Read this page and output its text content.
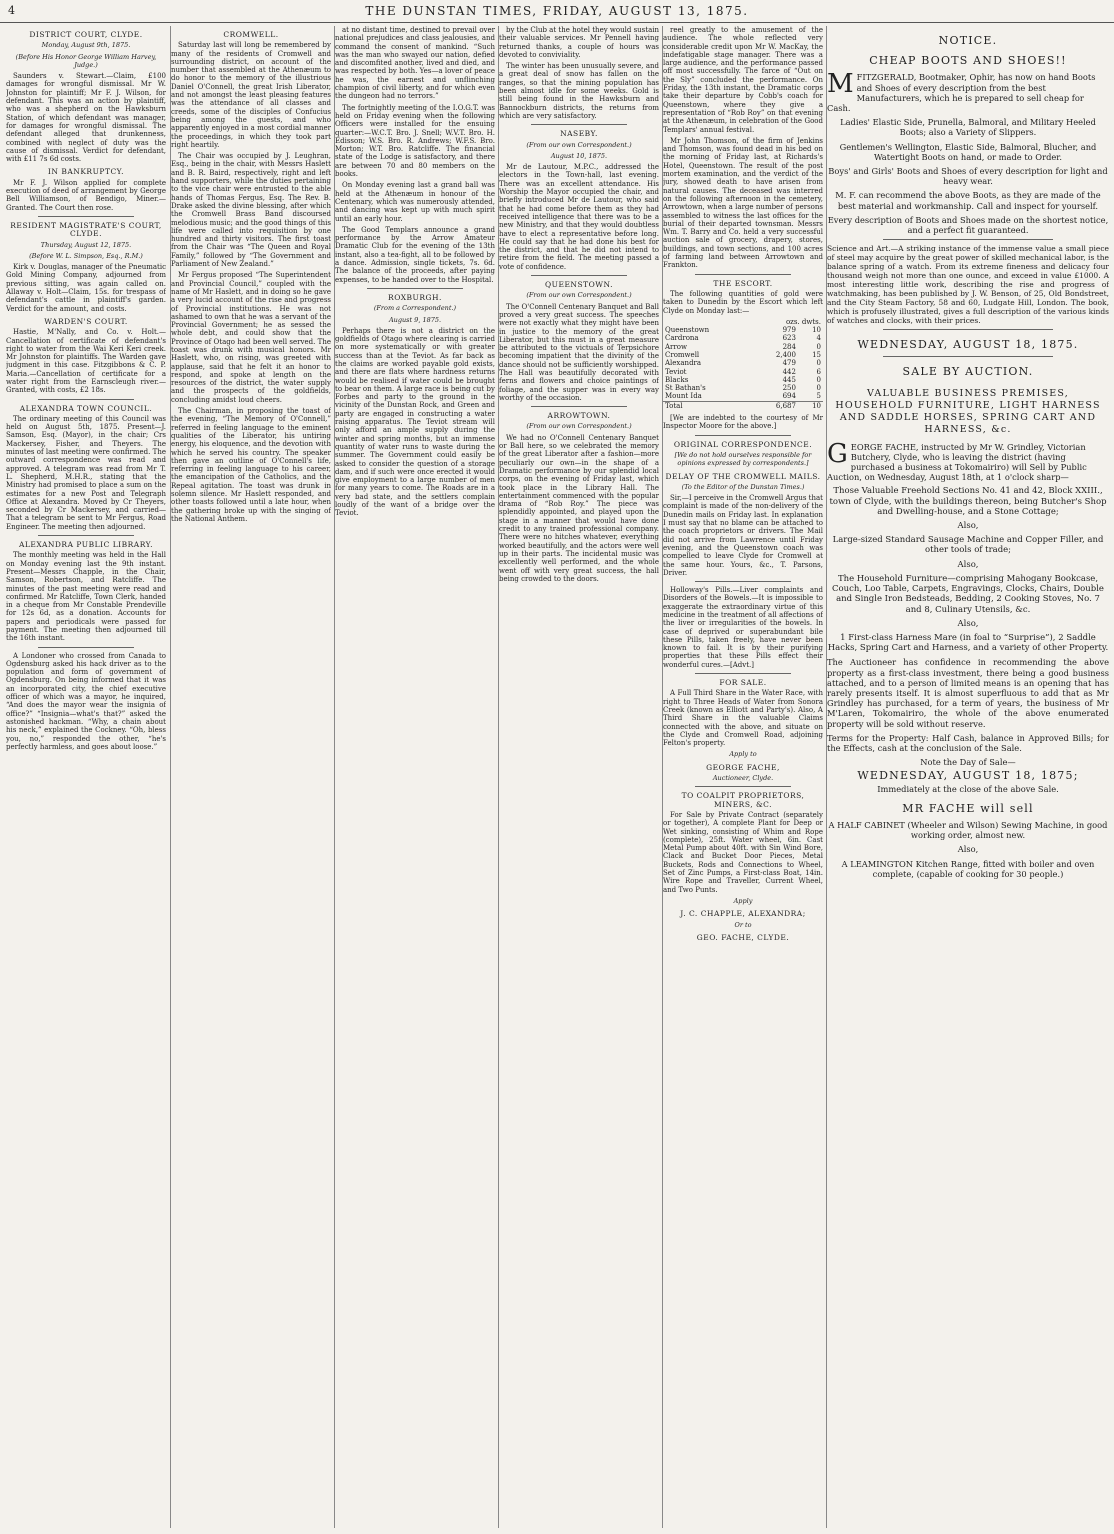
4	THE DUNSTAN TIMES, FRIDAY, AUGUST 13, 1875.
DISTRICT COURT, CLYDE.
Monday, August 9th, 1875.
(Before His Honor George William Harvey, Judge.)

Saunders v. Stewart.—Claim, £100 damages for wrongful dismissal. Mr W. Johnston for plaintiff; Mr F. J. Wilson, for defendant. This was an action by plaintiff, who was a shepherd on the Hawksburn Station, of which defendant was manager, for damages for wrongful dismissal. The defendant alleged that drunkenness, combined with neglect of duty was the cause of dismissal. Verdict for defendant, with £11 7s 6d costs.

IN BANKRUPTCY.

Mr F. J. Wilson applied for complete execution of deed of arrangement by George Bell Williamson, of Bendigo, Miner.—Granted. The Court then rose.

RESIDENT MAGISTRATE'S COURT, CLYDE.
Thursday, August 12, 1875.
(Before W. L. Simpson, Esq., R.M.)

Kirk v. Douglas, manager of the Pneumatic Gold Mining Company, adjourned from previous sitting, was again called on. Allaway v. Holt—Claim, 15s. for trespass of defendant's cattle in plaintiff's garden. Verdict for the amount, and costs.

WARDEN'S COURT.

Hastie, M'Nally, and Co. v. Holt.—Cancellation of certificate of defendant's right to water from the Wai Keri Keri creek. Mr Johnston for plaintiffs. The Warden gave judgment in this case. Fitzgibbons & C. P. Maria.—Cancellation of certificate for a water right from the Earnscleugh river.—Granted, with costs, £2 18s.

ALEXANDRA TOWN COUNCIL.

The ordinary meeting of this Council was held on August 5th, 1875. Present—J. Samson, Esq. (Mayor), in the chair; Crs Mackersey, Fisher, and Theyers. The minutes of last meeting were confirmed. The outward correspondence was read and approved. A telegram was read from Mr T. L. Shepherd, M.H.R., stating that the Ministry had promised to place a sum on the estimates for a new Post and Telegraph Office at Alexandra. Moved by Cr Theyers, seconded by Cr Mackersey, and carried—That a telegram be sent to Mr Fergus, Road Engineer. The meeting then adjourned.

ALEXANDRA PUBLIC LIBRARY.

The monthly meeting was held in the Hall on Monday evening last the 9th instant. Present—Messrs Chapple, in the Chair, Samson, Robertson, and Ratcliffe. The minutes of the past meeting were read and confirmed. Mr Ratcliffe, Town Clerk, handed in a cheque from Mr Constable Prendeville for 12s 6d, as a donation. Accounts for papers and periodicals were passed for payment. The meeting then adjourned till the 16th instant.

A Londoner who crossed from Canada to Ogdensburg asked his hack driver as to the population and form of government of Ogdensburg. On being informed that it was an incorporated city, the chief executive officer of which was a mayor, he inquired, “And does the mayor wear the insignia of office?” “Insignia—what's that?” asked the astonished hackman. “Why, a chain about his neck,” explained the Cockney. “Oh, bless you, no,” responded the other, “he's perfectly harmless, and goes about loose.”

CROMWELL.

Saturday last will long be remembered by many of the residents of Cromwell and surrounding district, on account of the number that assembled at the Athenæum to do honor to the memory of the illustrious Daniel O'Connell, the great Irish Liberator, and not amongst the least pleasing features was the attendance of all classes and creeds, some of the disciples of Confucius being among the guests, and who apparently enjoyed in a most cordial manner the proceedings, in which they took part right heartily.

The Chair was occupied by J. Leughran, Esq., being in the chair, with Messrs Haslett and B. R. Baird, respectively, right and left hand supporters, while the duties pertaining to the vice chair were entrusted to the able hands of Thomas Fergus, Esq. The Rev. B. Drake asked the divine blessing, after which the Cromwell Brass Band discoursed melodious music; and the good things of this life were called into requisition by one hundred and thirty visitors. The first toast from the Chair was “The Queen and Royal Family,” followed by “The Government and Parliament of New Zealand.”

Mr Fergus proposed “The Superintendent and Provincial Council,” coupled with the name of Mr Haslett, and in doing so he gave a very lucid account of the rise and progress of Provincial institutions. He was not ashamed to own that he was a servant of the Provincial Government; he as sessed the whole debt, and could show that the Province of Otago had been well served. The toast was drunk with musical honors. Mr Haslett, who, on rising, was greeted with applause, said that he felt it an honor to respond, and spoke at length on the resources of the district, the water supply and the prospects of the goldfields, concluding amidst loud cheers.

The Chairman, in proposing the toast of the evening, “The Memory of O'Connell,” referred in feeling language to the eminent qualities of the Liberator, his untiring energy, his eloquence, and the devotion with which he served his country. The speaker then gave an outline of O'Connell's life, referring in feeling language to his career, the emancipation of the Catholics, and the Repeal agitation. The toast was drunk in solemn silence. Mr Haslett responded, and other toasts followed until a late hour, when the gathering broke up with the singing of the National Anthem.

at no distant time, destined to prevail over national prejudices and class jealousies, and command the consent of mankind. “Such was the man who swayed our nation, defied and discomfited another, lived and died, and was respected by both. Yes—a lover of peace he was, the earnest and unflinching champion of civil liberty, and for which even the dungeon had no terrors.”

The fortnightly meeting of the I.O.G.T. was held on Friday evening when the following Officers were installed for the ensuing quarter:—W.C.T. Bro. J. Snell; W.V.T. Bro. H. Edisson; W.S. Bro. R. Andrews; W.F.S. Bro. Morton; W.T. Bro. Ratcliffe. The financial state of the Lodge is satisfactory, and there are between 70 and 80 members on the books.

On Monday evening last a grand ball was held at the Athenæum in honour of the Centenary, which was numerously attended, and dancing was kept up with much spirit until an early hour.

The Good Templars announce a grand performance by the Arrow Amateur Dramatic Club for the evening of the 13th instant, also a tea-fight, all to be followed by a dance. Admission, single tickets, 7s. 6d. The balance of the proceeds, after paying expenses, to be handed over to the Hospital.

ROXBURGH.
(From a Correspondent.)
August 9, 1875.

Perhaps there is not a district on the goldfields of Otago where clearing is carried on more systematically or with greater success than at the Teviot. As far back as the claims are worked payable gold exists, and there are flats where hardness returns would be realised if water could be brought to bear on them. A large race is being cut by Forbes and party to the ground in the vicinity of the Dunstan Rock, and Green and party are engaged in constructing a water raising apparatus. The Teviot stream will only afford an ample supply during the winter and spring months, but an immense quantity of water runs to waste during the summer. The Government could easily be asked to consider the question of a storage dam, and if such were once erected it would give employment to a large number of men for many years to come. The Roads are in a very bad state, and the settlers complain loudly of the want of a bridge over the Teviot.

by the Club at the hotel they would sustain their valuable services. Mr Pennell having returned thanks, a couple of hours was devoted to conviviality.

The winter has been unusually severe, and a great deal of snow has fallen on the ranges, so that the mining population has been almost idle for some weeks. Gold is still being found in the Hawksburn and Bannockburn districts, the returns from which are very satisfactory.

NASEBY.
(From our own Correspondent.)
August 10, 1875.

Mr de Lautour, M.P.C., addressed the electors in the Town-hall, last evening. There was an excellent attendance. His Worship the Mayor occupied the chair, and briefly introduced Mr de Lautour, who said that he had come before them as they had received intelligence that there was to be a new Ministry, and that they would doubtless have to elect a representative before long. He could say that he had done his best for the district, and that he did not intend to retire from the field. The meeting passed a vote of confidence.

QUEENSTOWN.
(From our own Correspondent.)

The O'Connell Centenary Banquet and Ball proved a very great success. The speeches were not exactly what they might have been in justice to the memory of the great Liberator, but this must in a great measure be attributed to the victuals of Terpsichore becoming impatient that the divinity of the dance should not be sufficiently worshipped. The Hall was beautifully decorated with ferns and flowers and choice paintings of foliage, and the supper was in every way worthy of the occasion.

ARROWTOWN.
(From our own Correspondent.)

We had no O'Connell Centenary Banquet or Ball here, so we celebrated the memory of the great Liberator after a fashion—more peculiarly our own—in the shape of a Dramatic performance by our splendid local corps, on the evening of Friday last, which took place in the Library Hall. The entertainment commenced with the popular drama of “Rob Roy.” The piece was splendidly appointed, and played upon the stage in a manner that would have done credit to any trained professional company. There were no hitches whatever, everything worked beautifully, and the actors were well up in their parts. The incidental music was excellently well performed, and the whole went off with very great success, the hall being crowded to the doors.

reel greatly to the amusement of the audience. The whole reflected very considerable credit upon Mr W. MacKay, the indefatigable stage manager. There was a large audience, and the performance passed off most successfully. The farce of “Out on the Sly” concluded the performance. On Friday, the 13th instant, the Dramatic corps take their departure by Cobb's coach for Queenstown, where they give a representation of “Rob Roy” on that evening at the Athenæum, in celebration of the Good Templars' annual festival.

Mr John Thomson, of the firm of Jenkins and Thomson, was found dead in his bed on the morning of Friday last, at Richards's Hotel, Queenstown. The result of the post mortem examination, and the verdict of the jury, showed death to have arisen from natural causes. The deceased was interred on the following afternoon in the cemetery, Arrowtown, when a large number of persons assembled to witness the last offices for the burial of their departed townsman. Messrs Wm. T. Barry and Co. held a very successful auction sale of grocery, drapery, stores, buildings, and town sections, and 100 acres of farming land between Arrowtown and Frankton.

THE ESCORT.

The following quantities of gold were taken to Dunedin by the Escort which left Clyde on Monday last:—

	ozs. dwts.	
Queenstown	979	10
Cardrona	623	4
Arrow	284	0
Cromwell	2,400	15
Alexandra	479	0
Teviot	442	6
Blacks	445	0
St Bathan's	250	0
Mount Ida	694	5
Total	6,687	10

[We are indebted to the courtesy of Mr Inspector Moore for the above.]

ORIGINAL CORRESPONDENCE.
[We do not hold ourselves responsible for opinions expressed by correspondents.]
DELAY OF THE CROMWELL MAILS.
(To the Editor of the Dunstan Times.)

Sir,—I perceive in the Cromwell Argus that complaint is made of the non-delivery of the Dunedin mails on Friday last. In explanation I must say that no blame can be attached to the coach proprietors or drivers. The Mail did not arrive from Lawrence until Friday evening, and the Queenstown coach was compelled to leave Clyde for Cromwell at the same hour. Yours, &c., T. Parsons, Driver.

Holloway's Pills.—Liver complaints and Disorders of the Bowels.—It is impossible to exaggerate the extraordinary virtue of this medicine in the treatment of all affections of the liver or irregularities of the bowels. In case of deprived or superabundant bile these Pills, taken freely, have never been known to fail. It is by their purifying properties that these Pills effect their wonderful cures.—[Advt.]

FOR SALE.

A Full Third Share in the Water Race, with right to Three Heads of Water from Sonora Creek (known as Elliott and Party's). Also, A Third Share in the valuable Claims connected with the above, and situate on the Clyde and Cromwell Road, adjoining Felton's property.

Apply to
GEORGE FACHE,
Auctioneer, Clyde.
TO COALPIT PROPRIETORS, MINERS, &C.

For Sale by Private Contract (separately or together), A complete Plant for Deep or Wet sinking, consisting of Whim and Rope (complete), 25ft. Water wheel, 6in. Cast Metal Pump about 40ft. with Sin Wind Bore, Clack and Bucket Door Pieces, Metal Buckets, Rods and Connections to Wheel, Set of Zinc Pumps, a First-class Boat, 14in. Wire Rope and Traveller, Current Wheel, and Two Punts.

Apply
J. C. CHAPPLE, ALEXANDRA;
Or to
GEO. FACHE, CLYDE.
NOTICE.
CHEAP BOOTS AND SHOES!!

M FITZGERALD, Bootmaker, Ophir, has now on hand Boots and Shoes of every description from the best Manufacturers, which he is prepared to sell cheap for Cash.

Ladies' Elastic Side, Prunella, Balmoral, and Military Heeled Boots; also a Variety of Slippers.

Gentlemen's Wellington, Elastic Side, Balmoral, Blucher, and Watertight Boots on hand, or made to Order.

Boys' and Girls' Boots and Shoes of every description for light and heavy wear.

M. F. can recommend the above Boots, as they are made of the best material and workmanship. Call and inspect for yourself.

Every description of Boots and Shoes made on the shortest notice, and a perfect fit guaranteed.

Science and Art.—A striking instance of the immense value a small piece of steel may acquire by the great power of skilled mechanical labor, is the balance spring of a watch. From its extreme fineness and delicacy four thousand weigh not more than one ounce, and exceed in value £1000. A most interesting little work, describing the rise and progress of watchmaking, has been published by J. W. Benson, of 25, Old Bondstreet, and the City Steam Factory, 58 and 60, Ludgate Hill, London. The book, which is profusely illustrated, gives a full description of the various kinds of watches and clocks, with their prices.

WEDNESDAY, AUGUST 18, 1875.
SALE BY AUCTION.
VALUABLE BUSINESS PREMISES, HOUSEHOLD FURNITURE, LIGHT HARNESS AND SADDLE HORSES, SPRING CART AND HARNESS, &c.

G EORGE FACHE, instructed by Mr W. Grindley, Victorian Butchery, Clyde, who is leaving the district (having purchased a business at Tokomairiro) will Sell by Public Auction, on Wednesday, August 18th, at 1 o'clock sharp—

Those Valuable Freehold Sections No. 41 and 42, Block XXIII., town of Clyde, with the buildings thereon, being Butcher's Shop and Dwelling-house, and a Stone Cottage;

Also,

Large-sized Standard Sausage Machine and Copper Filler, and other tools of trade;

Also,

The Household Furniture—comprising Mahogany Bookcase, Couch, Loo Table, Carpets, Engravings, Clocks, Chairs, Double and Single Iron Bedsteads, Bedding, 2 Cooking Stoves, No. 7 and 8, Culinary Utensils, &c.

Also,

1 First-class Harness Mare (in foal to “Surprise”), 2 Saddle Hacks, Spring Cart and Harness, and a variety of other Property.

The Auctioneer has confidence in recommending the above property as a first-class investment, there being a good business attached, and to a person of limited means is an opening that has rarely presents itself. It is almost superfluous to add that as Mr Grindley has purchased, for a term of years, the business of Mr M'Laren, Tokomairiro, the whole of the above enumerated property will be sold without reserve.

Terms for the Property: Half Cash, balance in Approved Bills; for the Effects, cash at the conclusion of the Sale.

Note the Day of Sale—

WEDNESDAY, AUGUST 18, 1875;

Immediately at the close of the above Sale.

MR FACHE will sell

A HALF CABINET (Wheeler and Wilson) Sewing Machine, in good working order, almost new.

Also,

A LEAMINGTON Kitchen Range, fitted with boiler and oven complete, (capable of cooking for 30 people.)
